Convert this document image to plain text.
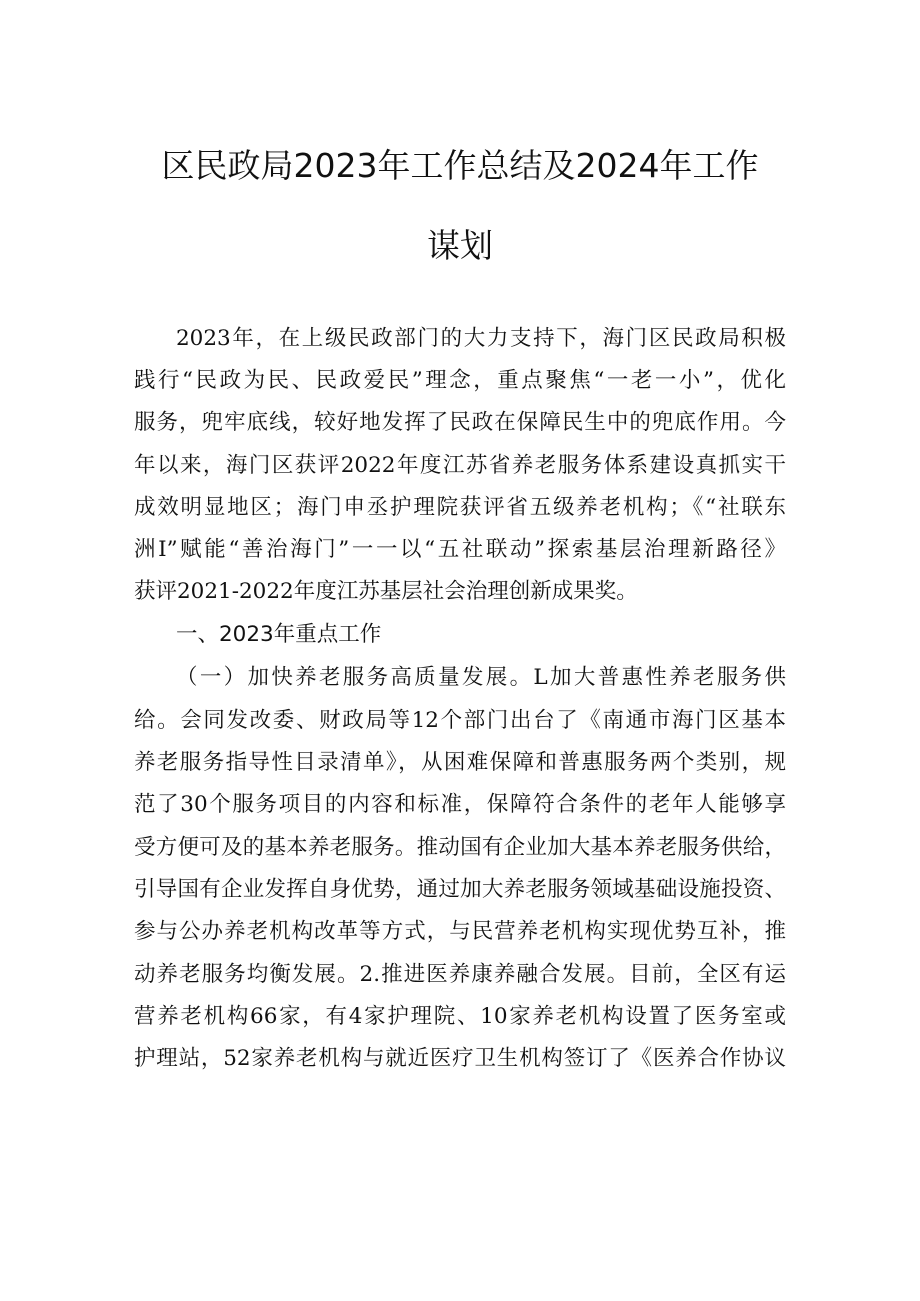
区民政局2023年工作总结及2024年工作
谋划
2023年，在上级民政部门的大力支持下，海门区民政局积极
践行“民政为民、民政爱民”理念，重点聚焦“一老一小”，优化
服务，兜牢底线，较好地发挥了民政在保障民生中的兜底作用。今
年以来，海门区获评2022年度江苏省养老服务体系建设真抓实干
成效明显地区；海门申丞护理院获评省五级养老机构；《“社联东
洲I”赋能“善治海门”一一以“五社联动”探索基层治理新路径》
获评2021-2022年度江苏基层社会治理创新成果奖。
一、2023年重点工作
（一）加快养老服务高质量发展。L加大普惠性养老服务供
给。会同发改委、财政局等12个部门出台了《南通市海门区基本
养老服务指导性目录清单》，从困难保障和普惠服务两个类别，规
范了30个服务项目的内容和标准，保障符合条件的老年人能够享
受方便可及的基本养老服务。推动国有企业加大基本养老服务供给，
引导国有企业发挥自身优势，通过加大养老服务领域基础设施投资、
参与公办养老机构改革等方式，与民营养老机构实现优势互补，推
动养老服务均衡发展。2.推进医养康养融合发展。目前，全区有运
营养老机构66家，有4家护理院、10家养老机构设置了医务室或
护理站，52家养老机构与就近医疗卫生机构签订了《医养合作协议
